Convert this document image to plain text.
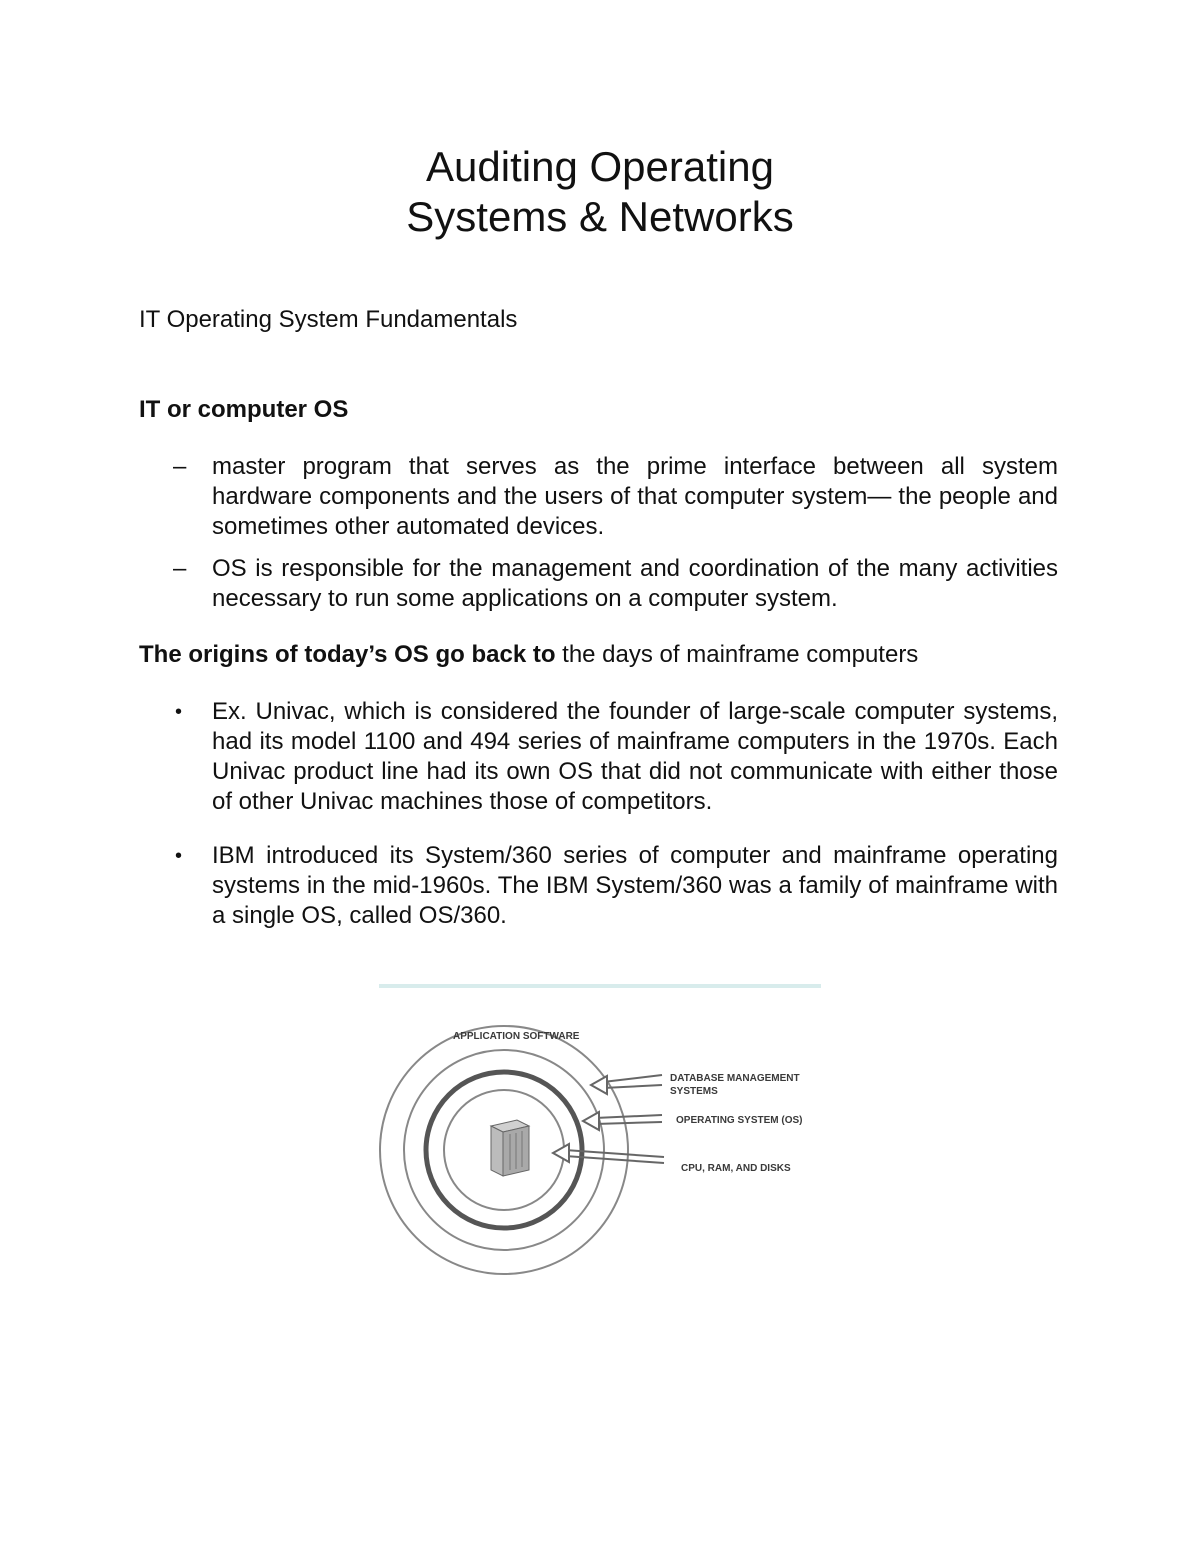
Auditing Operating
Systems & Networks

IT Operating System Fundamentals

IT or computer OS

– master program that serves as the prime interface between all system hardware components and the users of that computer system— the people and sometimes other automated devices.
– OS is responsible for the management and coordination of the many activities necessary to run some applications on a computer system.

The origins of today’s OS go back to the days of mainframe computers

• Ex. Univac, which is considered the founder of large-scale computer systems, had its model 1100 and 494 series of mainframe computers in the 1970s. Each Univac product line had its own OS that did not communicate with either those of other Univac machines those of competitors.
• IBM introduced its System/360 series of computer and mainframe operating systems in the mid-1960s. The IBM System/360 was a family of mainframe with a single OS, called OS/360.
APPLICATION SOFTWARE
DATABASE MANAGEMENT
SYSTEMS
OPERATING SYSTEM (OS)
CPU, RAM, AND DISKS
